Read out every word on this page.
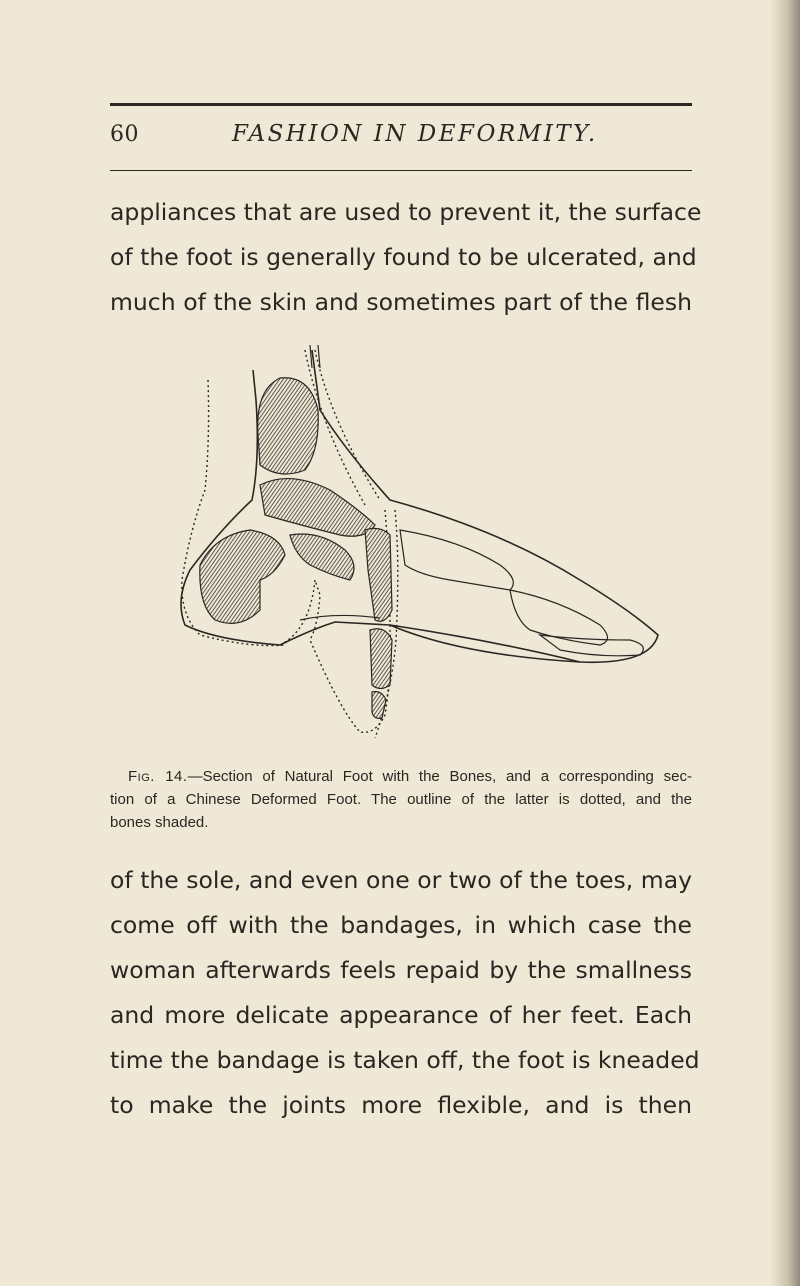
60	FASHION IN DEFORMITY.

appliances that are used to prevent it, the surface
of the foot is generally found to be ulcerated, and
much of the skin and sometimes part of the flesh

Fig. 14.—Section of Natural Foot with the Bones, and a corresponding sec-
tion of a Chinese Deformed Foot. The outline of the latter is dotted, and the
bones shaded.

of the sole, and even one or two of the toes, may
come off with the bandages, in which case the
woman afterwards feels repaid by the smallness
and more delicate appearance of her feet. Each
time the bandage is taken off, the foot is kneaded
to make the joints more flexible, and is then
